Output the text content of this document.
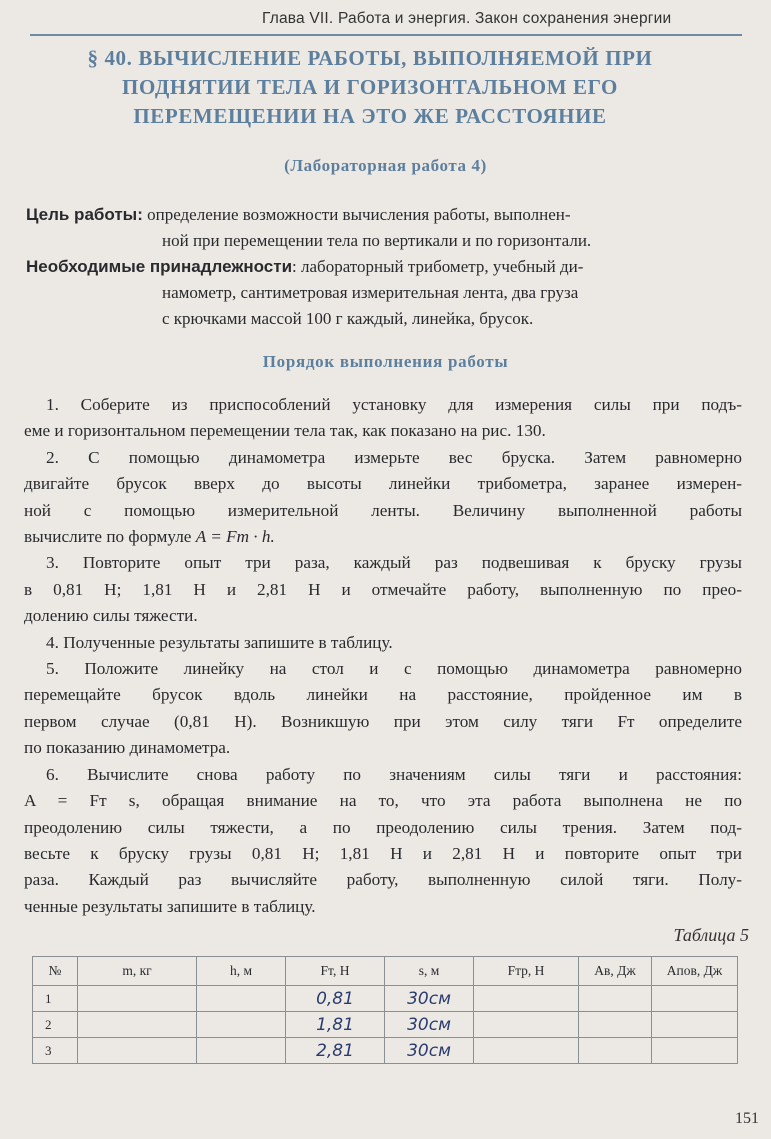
Глава VII. Работа и энергия. Закон сохранения энергии
§ 40. ВЫЧИСЛЕНИЕ РАБОТЫ, ВЫПОЛНЯЕМОЙ ПРИ
ПОДНЯТИИ ТЕЛА И ГОРИЗОНТАЛЬНОМ ЕГО
ПЕРЕМЕЩЕНИИ НА ЭТО ЖЕ РАССТОЯНИЕ
(Лабораторная работа 4)
Цель работы: определение возможности вычисления работы, выполнен-
ной при перемещении тела по вертикали и по горизонтали.
Необходимые принадлежности: лабораторный трибометр, учебный ди-
намометр, сантиметровая измерительная лента, два груза
с крючками массой 100 г каждый, линейка, брусок.
Порядок выполнения работы

1. Соберите из приспособлений установку для измерения силы при подъ-
еме и горизонтальном перемещении тела так, как показано на рис. 130.

2. С помощью динамометра измерьте вес бруска. Затем равномерно
двигайте брусок вверх до высоты линейки трибометра, заранее измерен-
ной с помощью измерительной ленты. Величину выполненной работы
вычислите по формуле A = Fт · h.

3. Повторите опыт три раза, каждый раз подвешивая к бруску грузы
в 0,81 Н; 1,81 Н и 2,81 Н и отмечайте работу, выполненную по прео-
долению силы тяжести.

4. Полученные результаты запишите в таблицу.

5. Положите линейку на стол и с помощью динамометра равномерно
перемещайте брусок вдоль линейки на расстояние, пройденное им в
первом случае (0,81 Н). Возникшую при этом силу тяги Fт определите
по показанию динамометра.

6. Вычислите снова работу по значениям силы тяги и расстояния:
A = Fт s, обращая внимание на то, что эта работа выполнена не по
преодолению силы тяжести, а по преодолению силы трения. Затем под-
весьте к бруску грузы 0,81 Н; 1,81 Н и 2,81 Н и повторите опыт три
раза. Каждый раз вычисляйте работу, выполненную силой тяги. Полу-
ченные результаты запишите в таблицу.

Таблица 5
№	m, кг	h, м	Fт, Н	s, м	Fтр, Н	Aв, Дж	Aпов, Дж
1			0,81	30см			
2			1,81	30см			
3			2,81	30см			
151
